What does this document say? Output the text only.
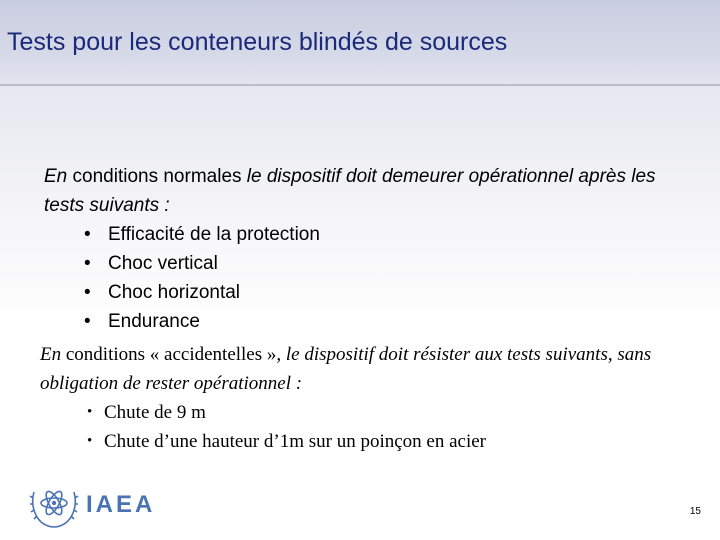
Tests pour les conteneurs blindés de sources

En conditions normales le dispositif doit demeurer opérationnel après les tests suivants :

• Efficacité de la protection
• Choc vertical
• Choc horizontal
• Endurance

En conditions « accidentelles », le dispositif doit résister aux tests suivants, sans obligation de rester opérationnel :

• Chute de 9 m
• Chute d’une hauteur d’1m sur un poinçon en acier
IAEA	15
